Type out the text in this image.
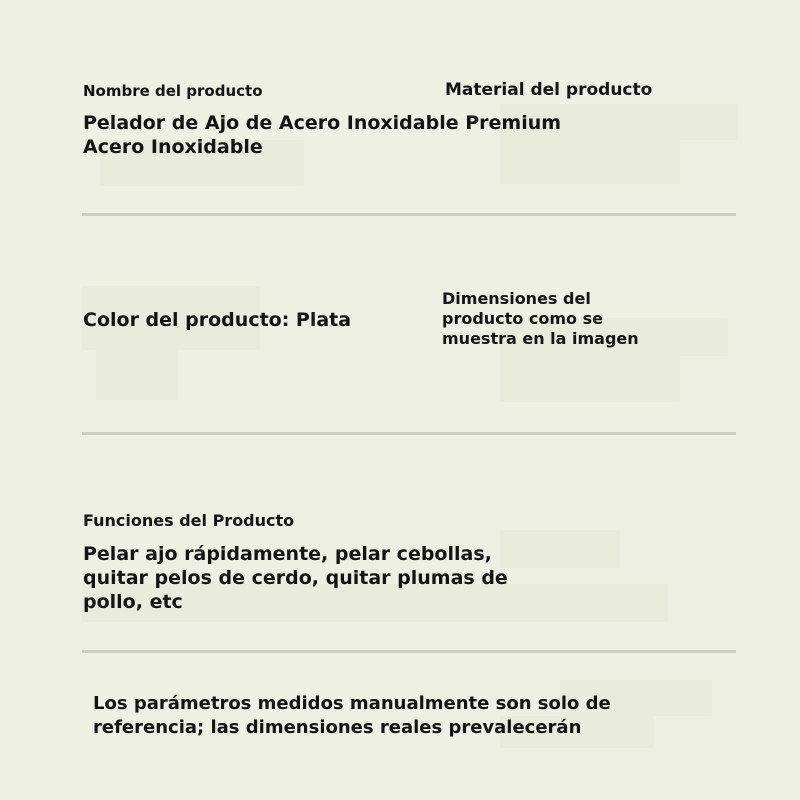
Nombre del producto	Material del producto

Pelador de Ajo de Acero Inoxidable Premium Acero Inoxidable

Color del producto: Plata

Dimensiones del producto como se muestra en la imagen

Funciones del Producto

Pelar ajo rápidamente, pelar cebollas, quitar pelos de cerdo, quitar plumas de pollo, etc

Los parámetros medidos manualmente son solo de referencia; las dimensiones reales prevalecerán
